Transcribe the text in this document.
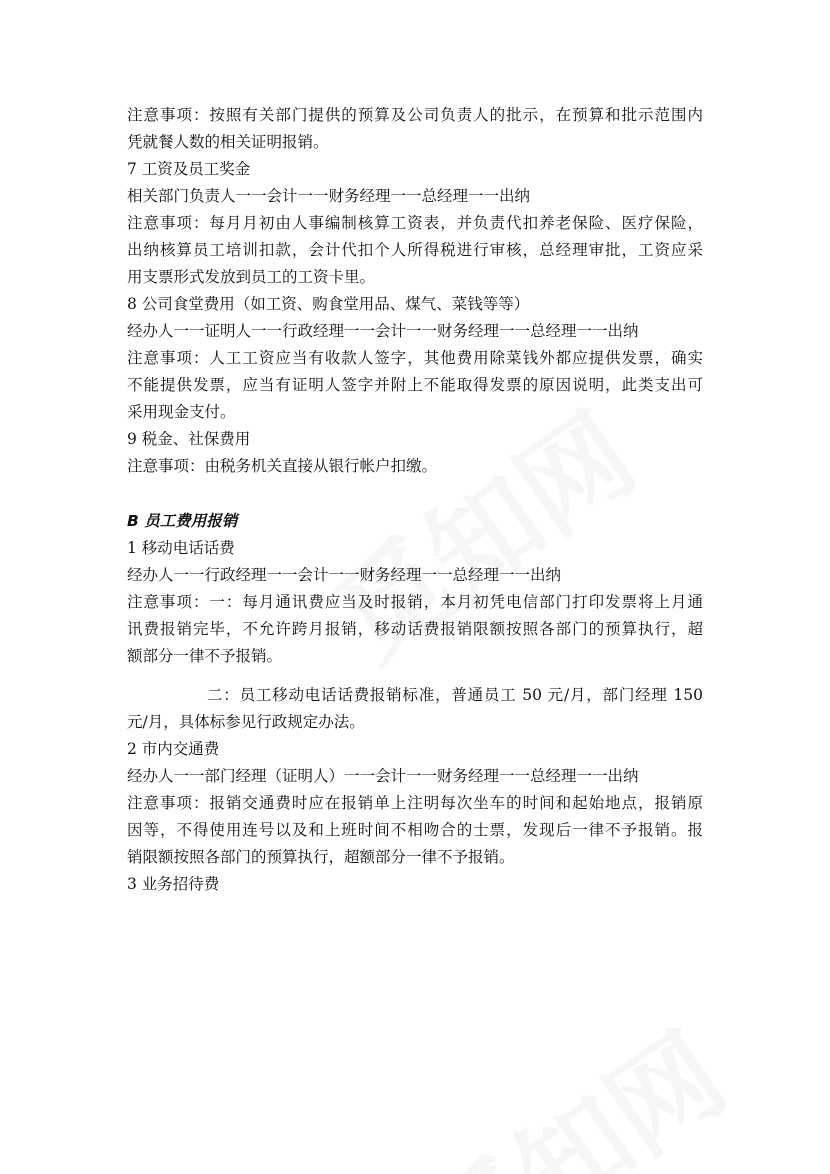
注意事项：按照有关部门提供的预算及公司负责人的批示，在预算和批示范围内
凭就餐人数的相关证明报销。
7 工资及员工奖金
相关部门负责人一一会计一一财务经理一一总经理一一出纳
注意事项：每月月初由人事编制核算工资表，并负责代扣养老保险、医疗保险，
出纳核算员工培训扣款，会计代扣个人所得税进行审核，总经理审批，工资应采
用支票形式发放到员工的工资卡里。
8 公司食堂费用（如工资、购食堂用品、煤气、菜钱等等）
经办人一一证明人一一行政经理一一会计一一财务经理一一总经理一一出纳
注意事项：人工工资应当有收款人签字，其他费用除菜钱外都应提供发票，确实
不能提供发票，应当有证明人签字并附上不能取得发票的原因说明，此类支出可
采用现金支付。
9 税金、社保费用
注意事项：由税务机关直接从银行帐户扣缴。
B 员工费用报销
1 移动电话话费
经办人一一行政经理一一会计一一财务经理一一总经理一一出纳
注意事项：一：每月通讯费应当及时报销，本月初凭电信部门打印发票将上月通
讯费报销完毕，不允许跨月报销，移动话费报销限额按照各部门的预算执行，超
额部分一律不予报销。
二：员工移动电话话费报销标准，普通员工 50 元/月，部门经理 150
元/月，具体标参见行政规定办法。
2 市内交通费
经办人一一部门经理（证明人）一一会计一一财务经理一一总经理一一出纳
注意事项：报销交通费时应在报销单上注明每次坐车的时间和起始地点，报销原
因等，不得使用连号以及和上班时间不相吻合的士票，发现后一律不予报销。报
销限额按照各部门的预算执行，超额部分一律不予报销。
3 业务招待费
